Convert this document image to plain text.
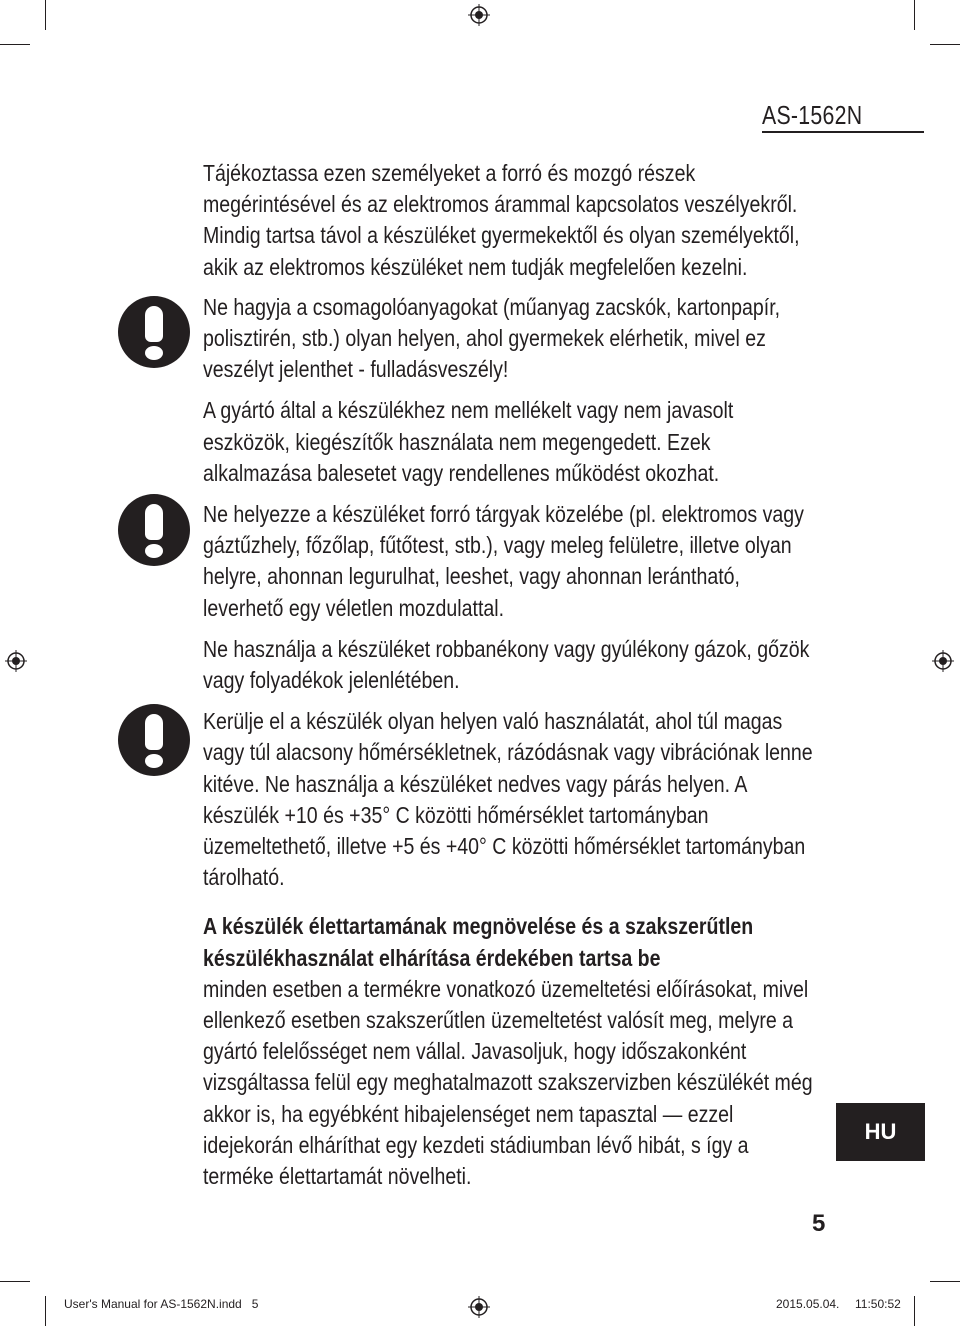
AS-1562N

Tájékoztassa ezen személyeket a forró és mozgó részek megérintésével és az elektromos árammal kapcsolatos veszélyekről. Mindig tartsa távol a készüléket gyermekektől és olyan személyektől, akik az elektromos készüléket nem tudják megfelelően kezelni.

Ne hagyja a csomagolóanyagokat (műanyag zacskók, kartonpapír, polisztirén, stb.) olyan helyen, ahol gyermekek elérhetik, mivel ez veszélyt jelenthet - fulladásveszély!

A gyártó által a készülékhez nem mellékelt vagy nem javasolt eszközök, kiegészítők használata nem megengedett. Ezek alkalmazása balesetet vagy rendellenes működést okozhat.

Ne helyezze a készüléket forró tárgyak közelébe (pl. elektromos vagy gáztűzhely, főzőlap, fűtőtest, stb.), vagy meleg felületre, illetve olyan helyre, ahonnan legurulhat, leeshet, vagy ahonnan lerántható, leverhető egy véletlen mozdulattal.

Ne használja a készüléket robbanékony vagy gyúlékony gázok, gőzök vagy folyadékok jelenlétében.

Kerülje el a készülék olyan helyen való használatát, ahol túl magas vagy túl alacsony hőmérsékletnek, rázódásnak vagy vibrációnak lenne kitéve. Ne használja a készüléket nedves vagy párás helyen. A készülék +10 és +35° C közötti hőmérséklet tartományban üzemeltethető, illetve +5 és +40° C közötti hőmérséklet tartományban tárolható.

A készülék élettartamának megnövelése és a szakszerűtlen készülékhasználat elhárítása érdekében tartsa be

minden esetben a termékre vonatkozó üzemeltetési előírásokat, mivel ellenkező esetben szakszerűtlen üzemeltetést valósít meg, melyre a gyártó felelősséget nem vállal. Javasoljuk, hogy időszakonként vizsgáltassa felül egy meghatalmazott szakszervizben készülékét még akkor is, ha egyébként hibajelenséget nem tapasztal — ezzel idejekorán elháríthat egy kezdeti stádiumban lévő hibát, s így a terméke élettartamát növelheti.

HU
5
User's Manual for AS-1562N.indd   5	2015.05.04. 11:50:52
